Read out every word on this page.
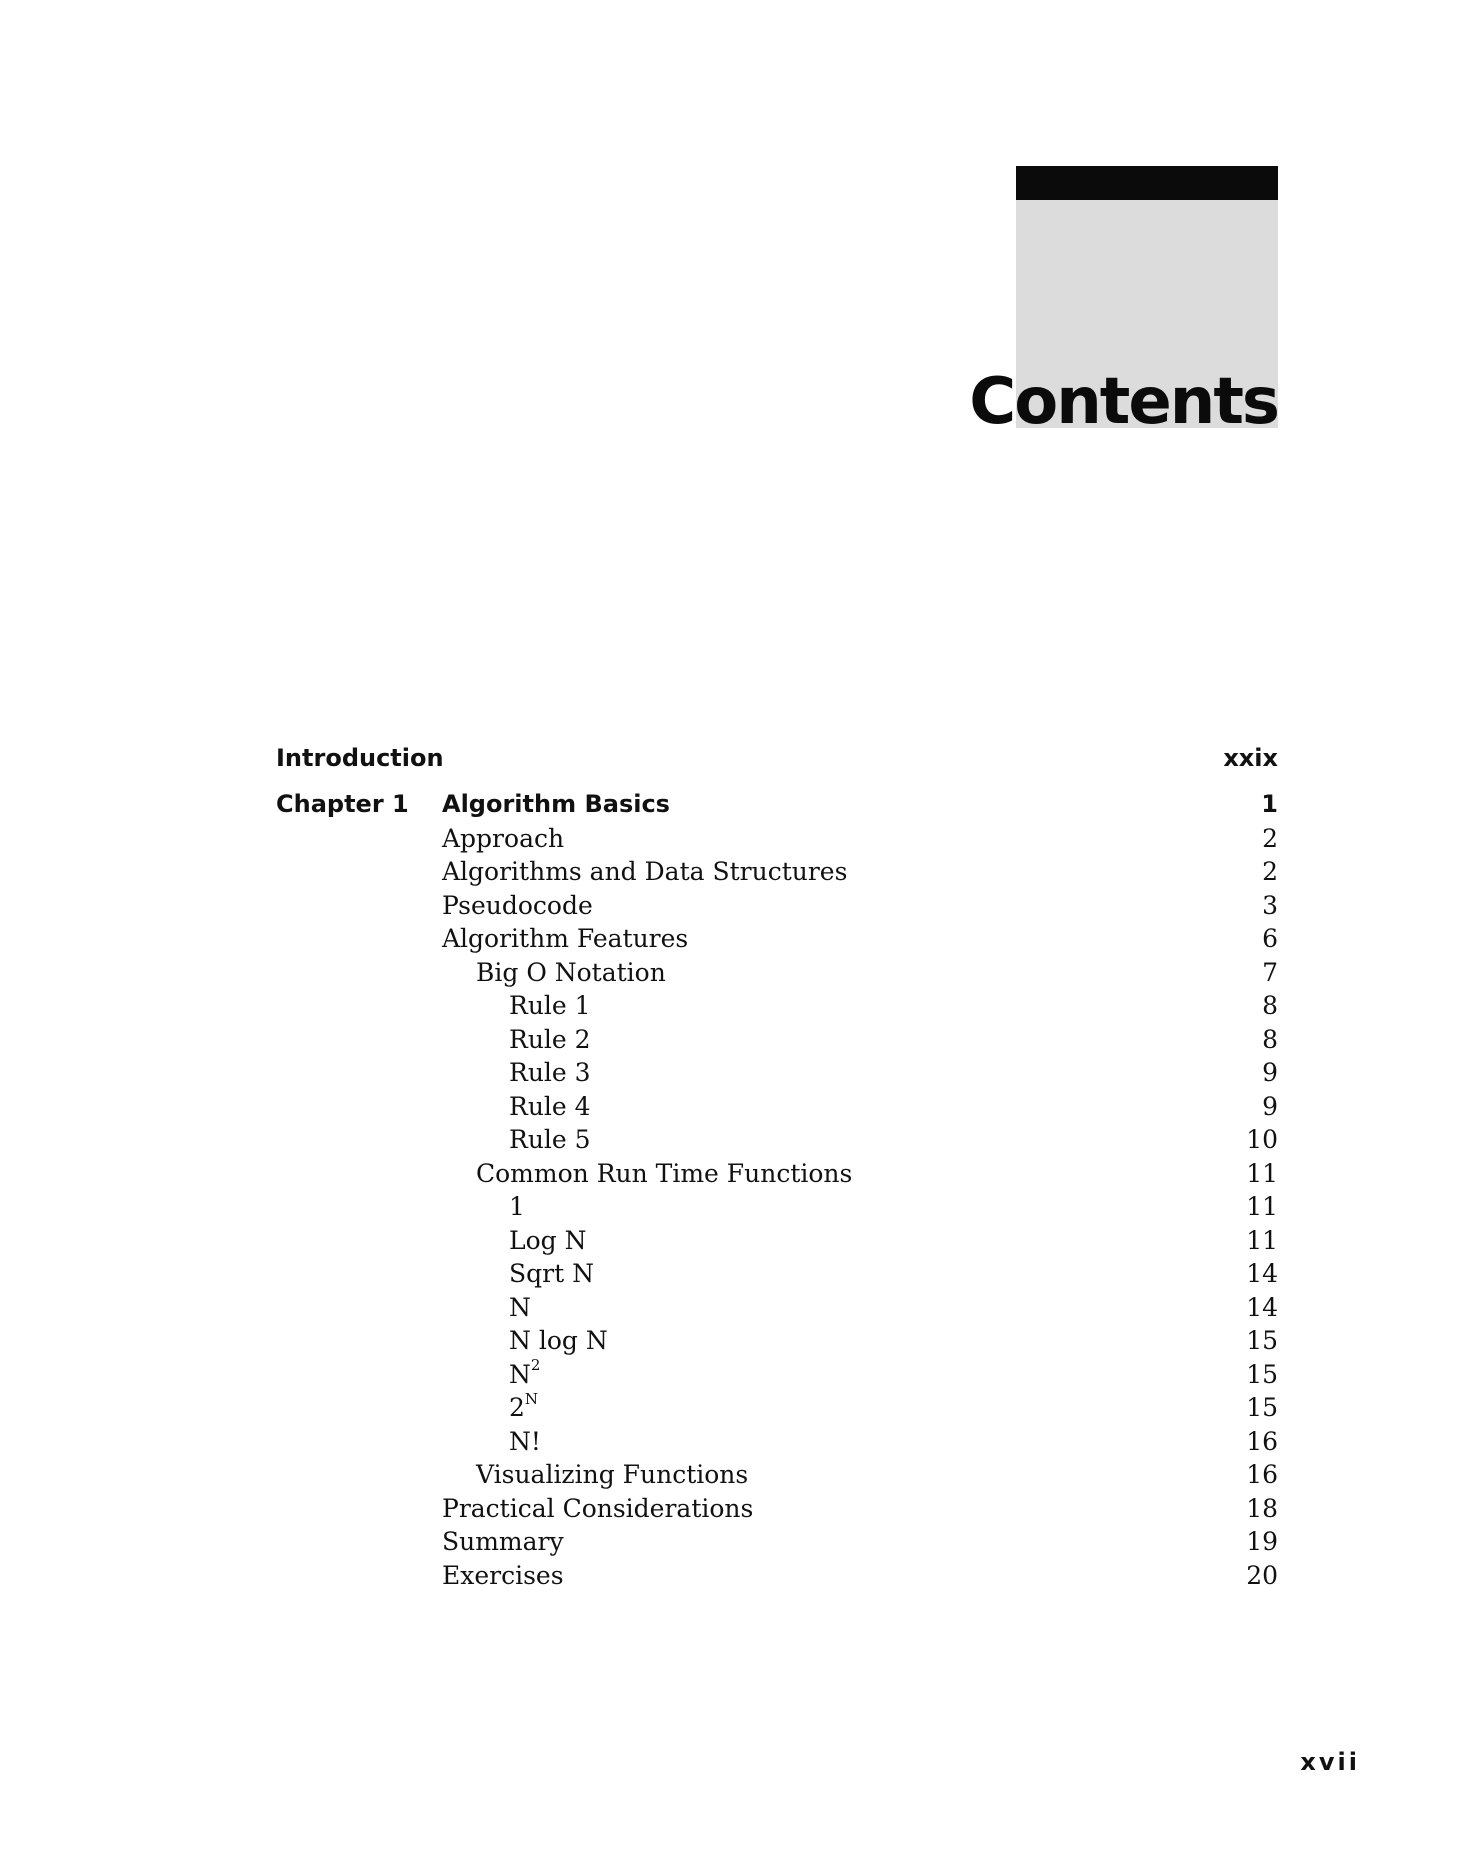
Contents
Introduction	xxix
Chapter 1 Algorithm Basics	1
Approach	2
Algorithms and Data Structures	2
Pseudocode	3
Algorithm Features	6
Big O Notation	7
Rule 1	8
Rule 2	8
Rule 3	9
Rule 4	9
Rule 5	10
Common Run Time Functions	11
1	11
Log N	11
Sqrt N	14
N	14
N log N	15
$N^2$	15
$2^N$	15
N!	16
Visualizing Functions	16
Practical Considerations	18
Summary	19
Exercises	20
xvii
